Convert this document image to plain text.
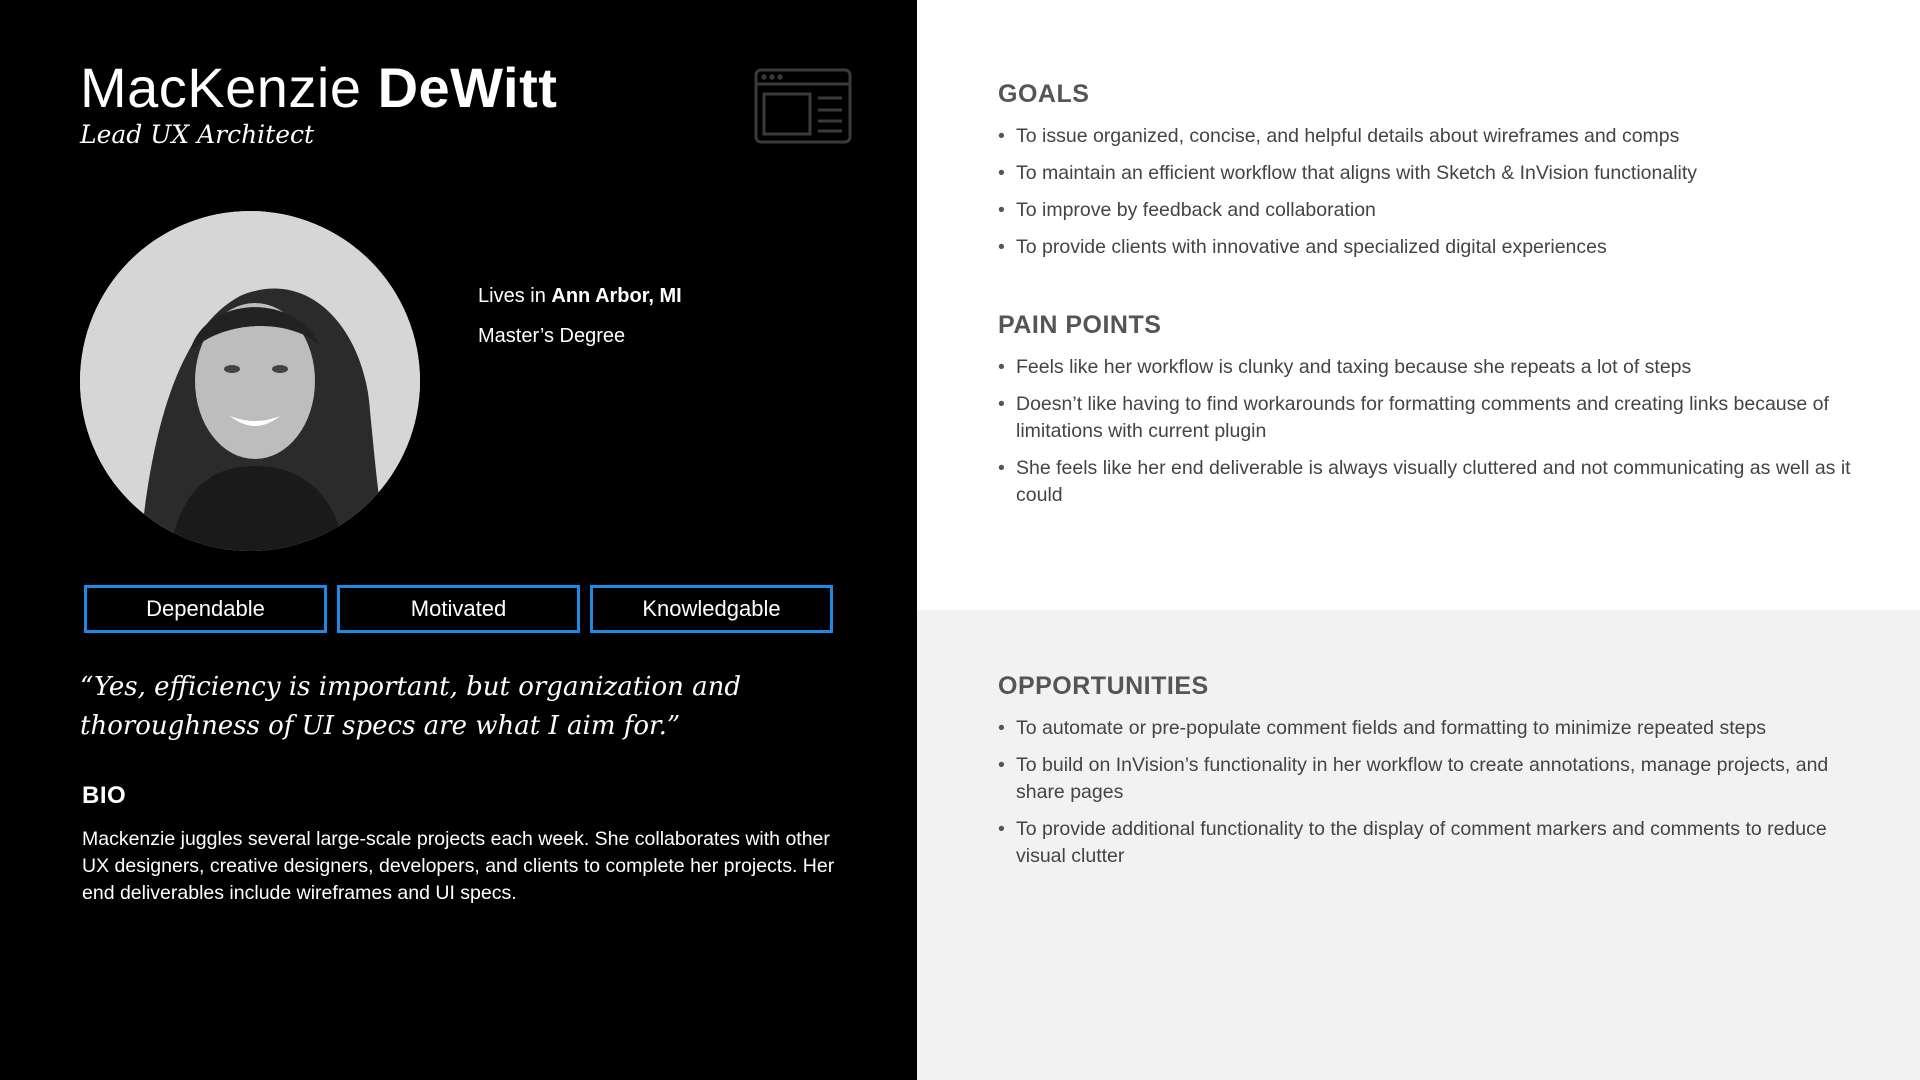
MacKenzie DeWitt
Lead UX Architect
Lives in Ann Arbor, MI
Master’s Degree
Dependable	Motivated	Knowledgable
“Yes, efficiency is important, but organization and thoroughness of UI specs are what I aim for.”
BIO
Mackenzie juggles several large-scale projects each week. She collaborates with other UX designers, creative designers, developers, and clients to complete her projects. Her end deliverables include wireframes and UI specs.
GOALS
• To issue organized, concise, and helpful details about wireframes and comps
• To maintain an efficient workflow that aligns with Sketch & InVision functionality
• To improve by feedback and collaboration
• To provide clients with innovative and specialized digital experiences
PAIN POINTS
• Feels like her workflow is clunky and taxing because she repeats a lot of steps
• Doesn’t like having to find workarounds for formatting comments and creating links because of limitations with current plugin
• She feels like her end deliverable is always visually cluttered and not communicating as well as it could
OPPORTUNITIES
• To automate or pre-populate comment fields and formatting to minimize repeated steps
• To build on InVision’s functionality in her workflow to create annotations, manage projects, and share pages
• To provide additional functionality to the display of comment markers and comments to reduce visual clutter
